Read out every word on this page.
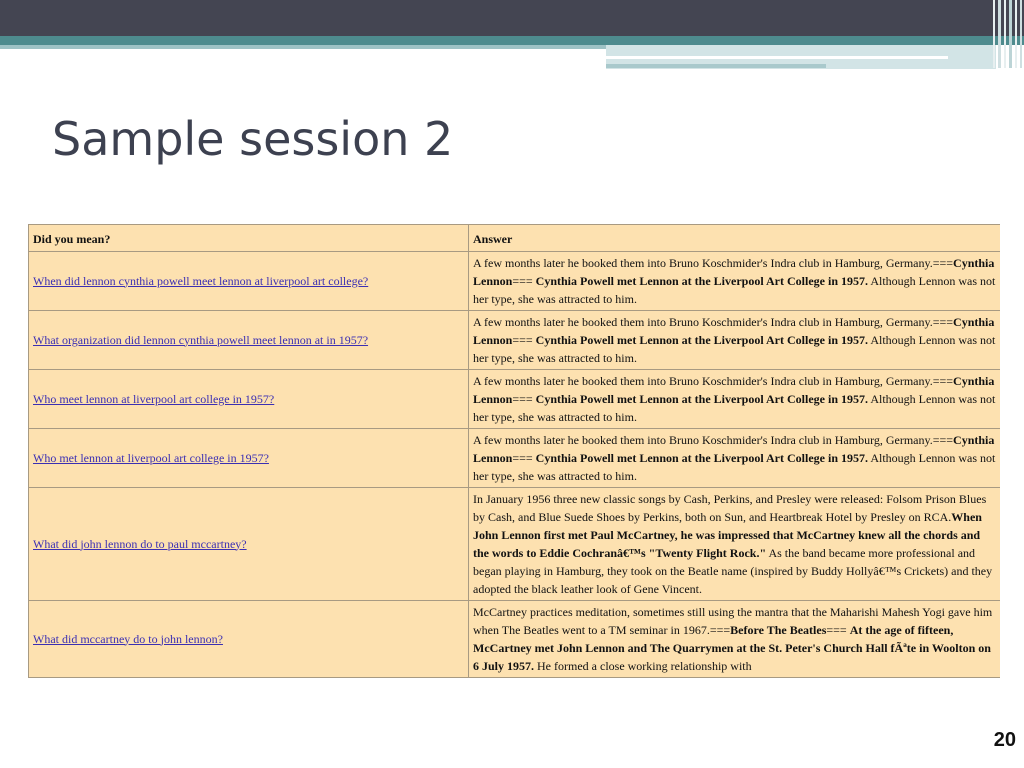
Sample session 2
Did you mean?	Answer
When did lennon cynthia powell meet lennon at liverpool art college?	A few months later he booked them into Bruno Koschmider's Indra club in Hamburg, Germany.===Cynthia Lennon=== Cynthia Powell met Lennon at the Liverpool Art College in 1957. Although Lennon was not her type, she was attracted to him.
What organization did lennon cynthia powell meet lennon at in 1957?	A few months later he booked them into Bruno Koschmider's Indra club in Hamburg, Germany.===Cynthia Lennon=== Cynthia Powell met Lennon at the Liverpool Art College in 1957. Although Lennon was not her type, she was attracted to him.
Who meet lennon at liverpool art college in 1957?	A few months later he booked them into Bruno Koschmider's Indra club in Hamburg, Germany.===Cynthia Lennon=== Cynthia Powell met Lennon at the Liverpool Art College in 1957. Although Lennon was not her type, she was attracted to him.
Who met lennon at liverpool art college in 1957?	A few months later he booked them into Bruno Koschmider's Indra club in Hamburg, Germany.===Cynthia Lennon=== Cynthia Powell met Lennon at the Liverpool Art College in 1957. Although Lennon was not her type, she was attracted to him.
What did john lennon do to paul mccartney?	In January 1956 three new classic songs by Cash, Perkins, and Presley were released: Folsom Prison Blues by Cash, and Blue Suede Shoes by Perkins, both on Sun, and Heartbreak Hotel by Presley on RCA.When John Lennon first met Paul McCartney, he was impressed that McCartney knew all the chords and the words to Eddie Cochranâ€™s "Twenty Flight Rock." As the band became more professional and began playing in Hamburg, they took on the Beatle name (inspired by Buddy Hollyâ€™s Crickets) and they adopted the black leather look of Gene Vincent.
What did mccartney do to john lennon?	McCartney practices meditation, sometimes still using the mantra that the Maharishi Mahesh Yogi gave him when The Beatles went to a TM seminar in 1967.===Before The Beatles=== At the age of fifteen, McCartney met John Lennon and The Quarrymen at the St. Peter's Church Hall fÃªte in Woolton on 6 July 1957. He formed a close working relationship with
20
